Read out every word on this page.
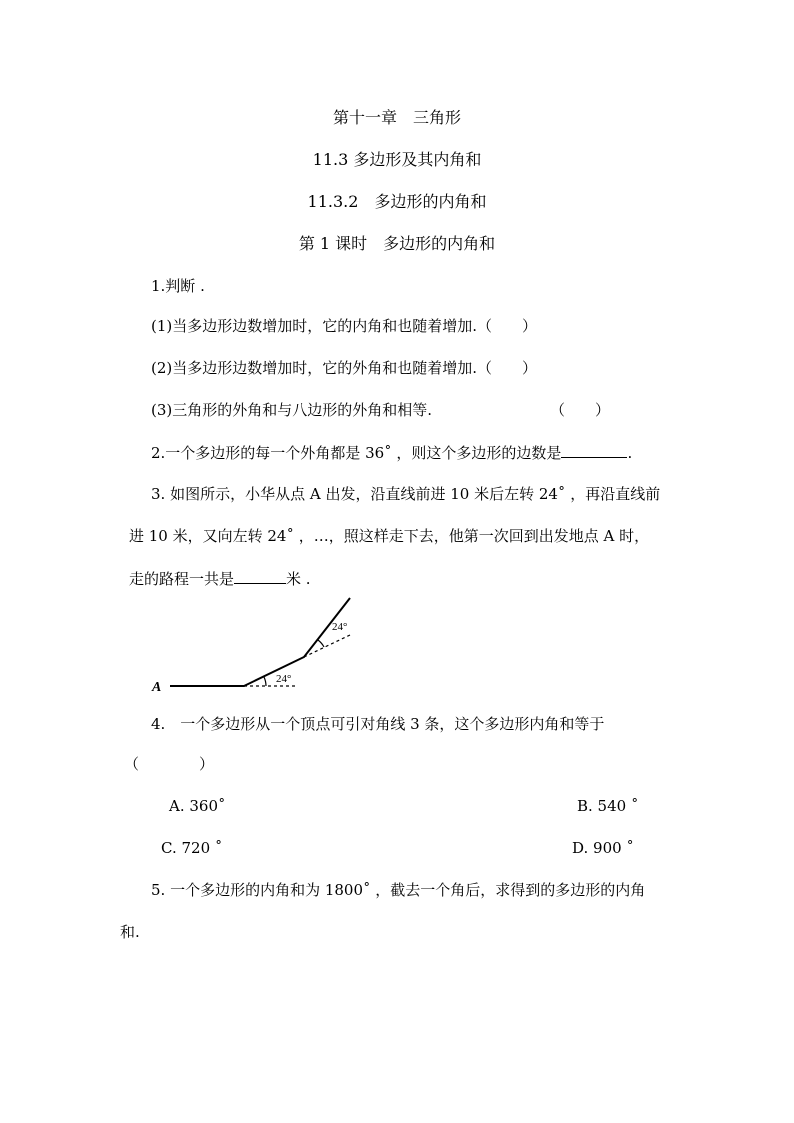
第十一章　三角形
11.3 多边形及其内角和
11.3.2　多边形的内角和
第 1 课时　多边形的内角和
1.判断 .
(1)当多边形边数增加时，它的内角和也随着增加.（　　）
(2)当多边形边数增加时，它的外角和也随着增加.（　　）
(3)三角形的外角和与八边形的外角和相等.	（　　）
2.一个多边形的每一个外角都是 36˚ ，则这个多边形的边数是	.
3. 如图所示，小华从点 A 出发，沿直线前进 10 米后左转 24˚ ，再沿直线前
进 10 米，又向左转 24˚ ，…，照这样走下去，他第一次回到出发地点 A 时，
走的路程一共是	米 .
A
24°
24°
4.　一个多边形从一个顶点可引对角线 3 条，这个多边形内角和等于
（　　　　）
A. 360˚	B. 540 ˚
C. 720 ˚	D. 900 ˚
5. 一个多边形的内角和为 1800˚ ，截去一个角后，求得到的多边形的内角
和.
